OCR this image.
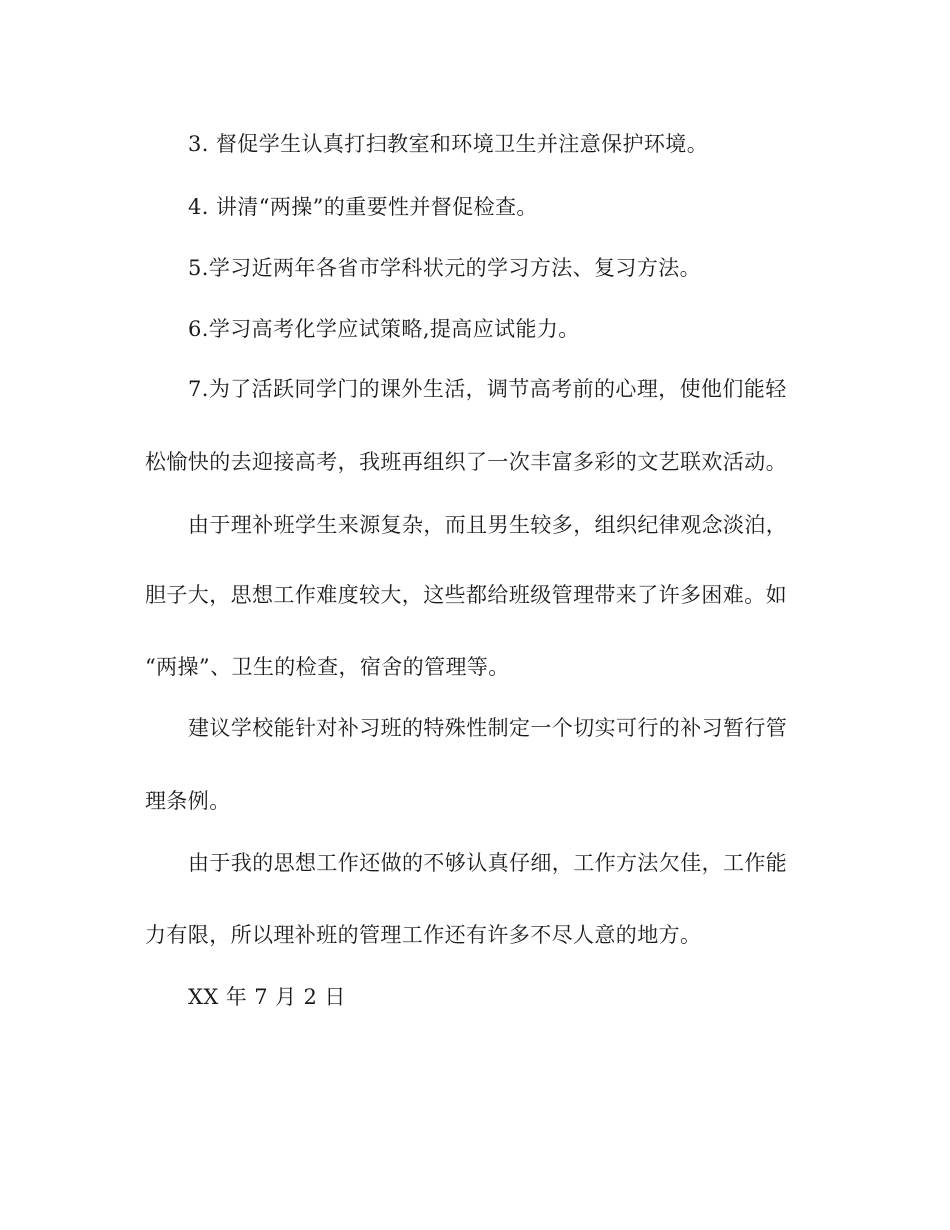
3. 督促学生认真打扫教室和环境卫生并注意保护环境。
4. 讲清“两操”的重要性并督促检查。
5.学习近两年各省市学科状元的学习方法、复习方法。
6.学习高考化学应试策略,提高应试能力。
7.为了活跃同学门的课外生活，调节高考前的心理，使他们能轻
松愉快的去迎接高考，我班再组织了一次丰富多彩的文艺联欢活动。
由于理补班学生来源复杂，而且男生较多，组织纪律观念淡泊，
胆子大，思想工作难度较大，这些都给班级管理带来了许多困难。如
“两操”、卫生的检查，宿舍的管理等。
建议学校能针对补习班的特殊性制定一个切实可行的补习暂行管
理条例。
由于我的思想工作还做的不够认真仔细，工作方法欠佳，工作能
力有限，所以理补班的管理工作还有许多不尽人意的地方。
XX 年 7 月 2 日
